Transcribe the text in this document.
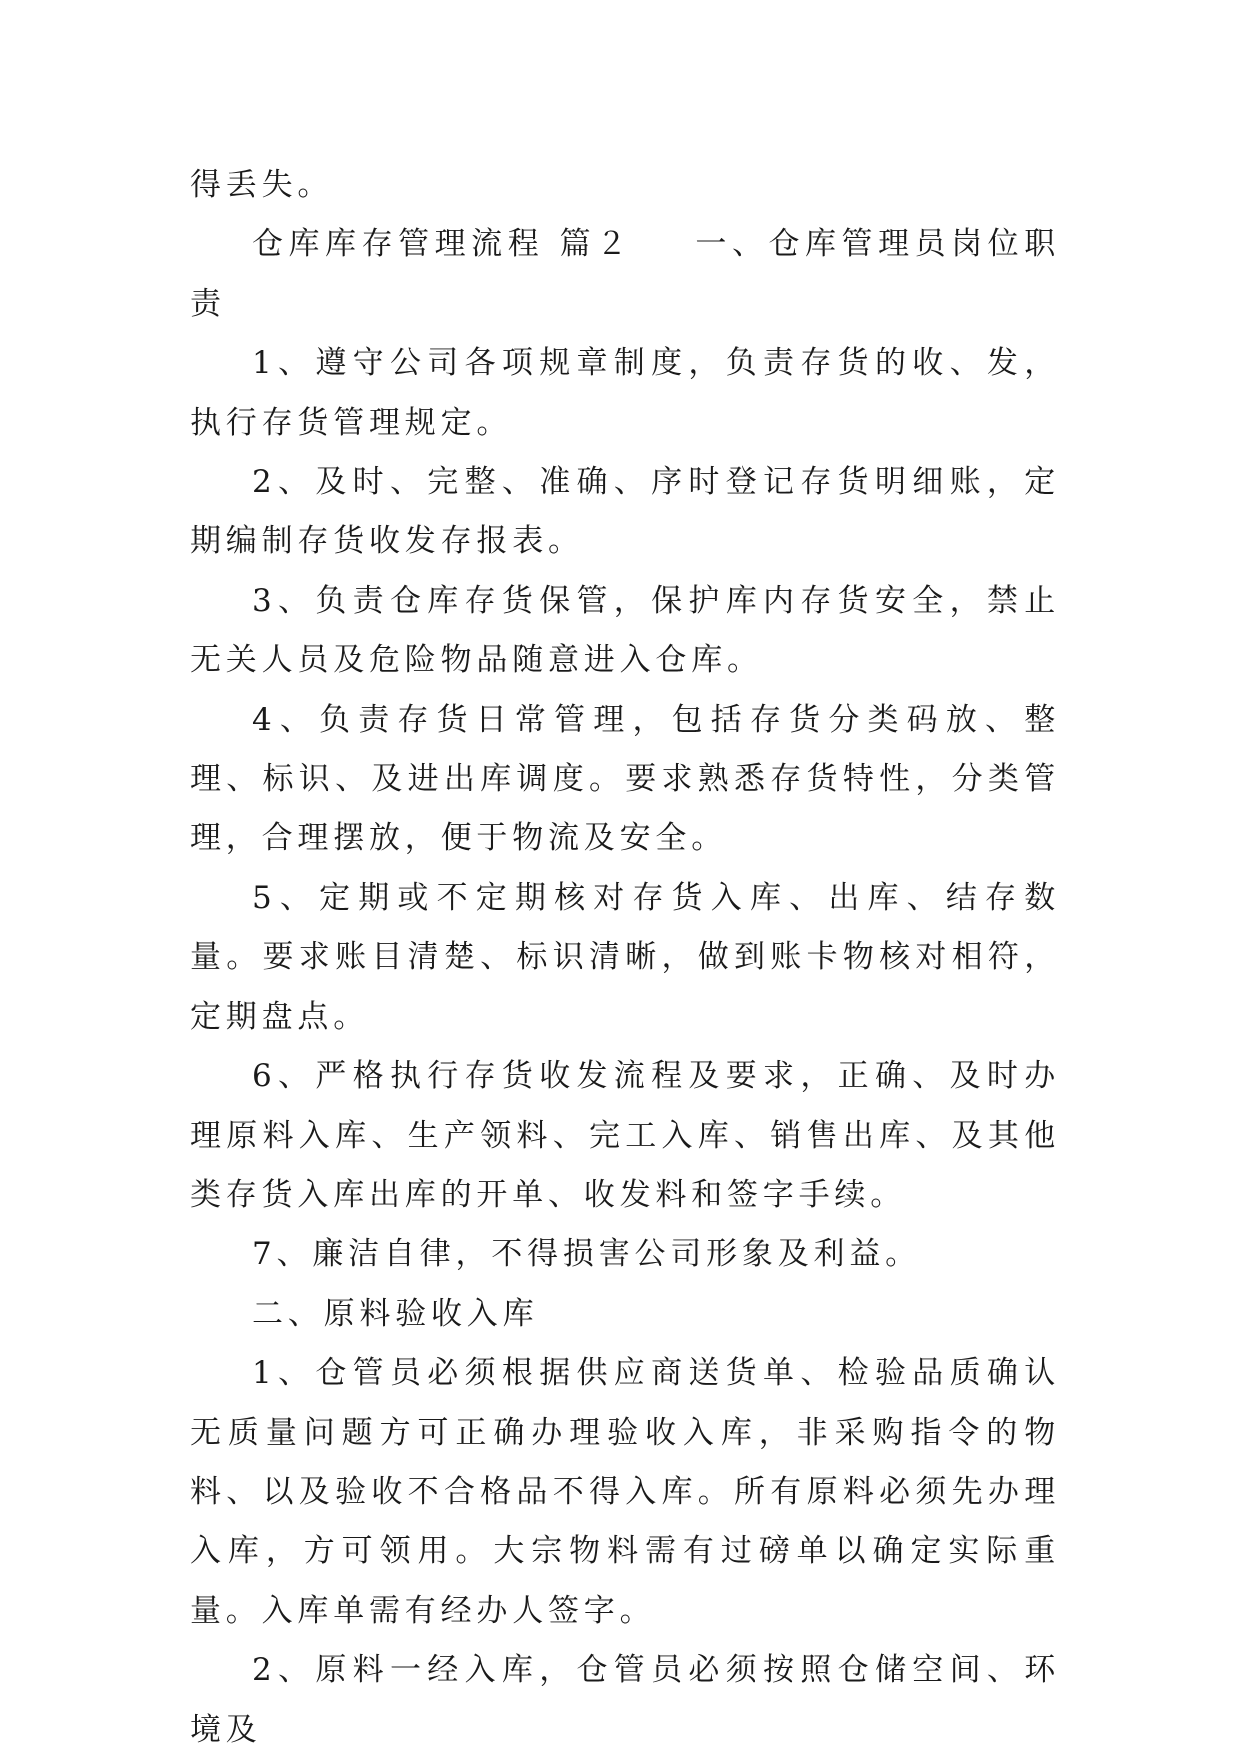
得丢失。

仓库库存管理流程 篇２ 一、仓库管理员岗位职责

1、遵守公司各项规章制度，负责存货的收、发，执行存货管理规定。

2、及时、完整、准确、序时登记存货明细账，定期编制存货收发存报表。

3、负责仓库存货保管，保护库内存货安全，禁止无关人员及危险物品随意进入仓库。

4、负责存货日常管理，包括存货分类码放、整理、标识、及进出库调度。要求熟悉存货特性，分类管理，合理摆放，便于物流及安全。

5、定期或不定期核对存货入库、出库、结存数量。要求账目清楚、标识清晰，做到账卡物核对相符，定期盘点。

6、严格执行存货收发流程及要求，正确、及时办理原料入库、生产领料、完工入库、销售出库、及其他类存货入库出库的开单、收发料和签字手续。

7、廉洁自律，不得损害公司形象及利益。

二、原料验收入库

1、仓管员必须根据供应商送货单、检验品质确认无质量问题方可正确办理验收入库，非采购指令的物料、以及验收不合格品不得入库。所有原料必须先办理入库，方可领用。大宗物料需有过磅单以确定实际重量。入库单需有经办人签字。

2、原料一经入库，仓管员必须按照仓储空间、环境及
